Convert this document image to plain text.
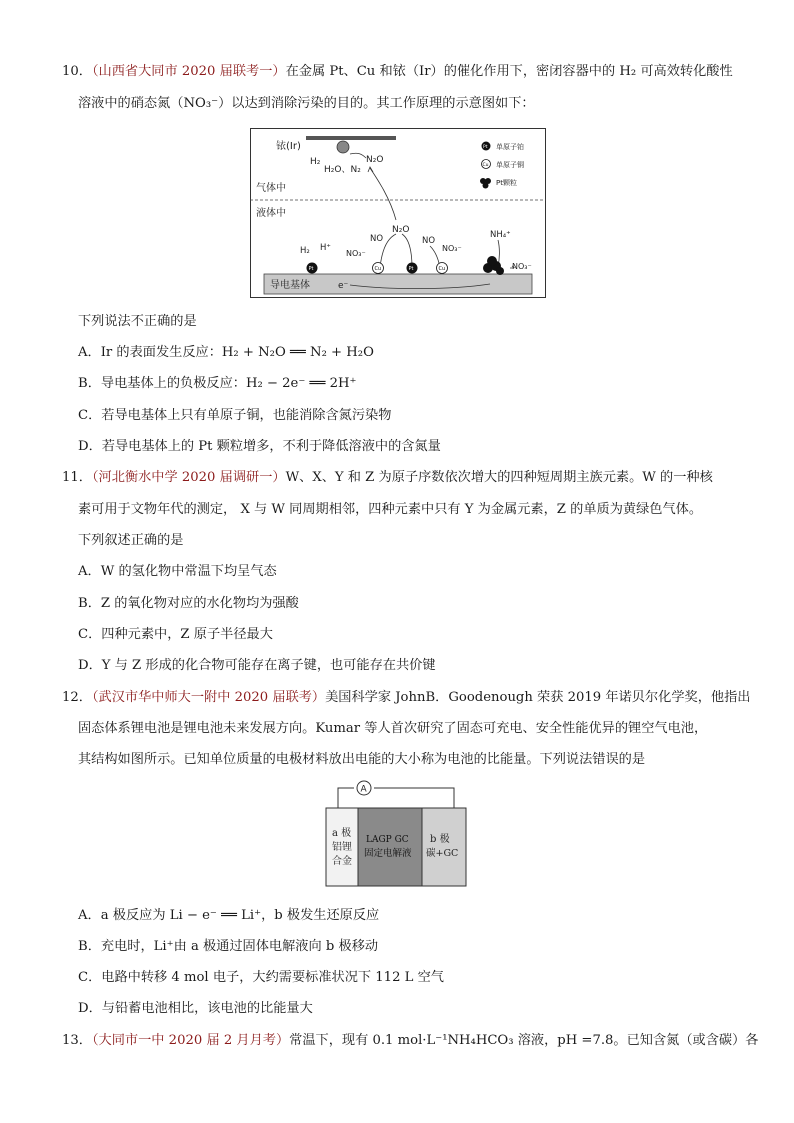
10．（山西省大同市 2020 届联考一）在金属 Pt、Cu 和铱（Ir）的催化作用下，密闭容器中的 H₂ 可高效转化酸性
溶液中的硝态氮（NO₃⁻）以达到消除污染的目的。其工作原理的示意图如下：
铱(Ir)
H₂
H₂O、N₂
N₂O
Pt 单原子铂
Cu 单原子铜
Pt颗粒
气体中
液体中
H₂ H⁺
NO₃⁻
NO
N₂O
NO
NO₃⁻
NH₄⁺
NO₃⁻
导电基体	e⁻
Pt	Cu	Pt	Cu
下列说法不正确的是
A．Ir 的表面发生反应：H₂ + N₂O ══ N₂ + H₂O
B．导电基体上的负极反应：H₂ − 2e⁻ ══ 2H⁺
C．若导电基体上只有单原子铜，也能消除含氮污染物
D．若导电基体上的 Pt 颗粒增多，不利于降低溶液中的含氮量
11．（河北衡水中学 2020 届调研一）W、X、Y 和 Z 为原子序数依次增大的四种短周期主族元素。W 的一种核
素可用于文物年代的测定， X 与 W 同周期相邻，四种元素中只有 Y 为金属元素，Z 的单质为黄绿色气体。
下列叙述正确的是
A．W 的氢化物中常温下均呈气态
B．Z 的氧化物对应的水化物均为强酸
C．四种元素中，Z 原子半径最大
D．Y 与 Z 形成的化合物可能存在离子键，也可能存在共价键
12．（武汉市华中师大一附中 2020 届联考）美国科学家 JohnB．Goodenough 荣获 2019 年诺贝尔化学奖，他指出
固态体系锂电池是锂电池未来发展方向。Kumar 等人首次研究了固态可充电、安全性能优异的锂空气电池，
其结构如图所示。已知单位质量的电极材料放出电能的大小称为电池的比能量。下列说法错误的是
A
a 极
铝锂
合金
LAGP GC
固定电解液
b 极
碳+GC
A．a 极反应为 Li − e⁻ ══ Li⁺，b 极发生还原反应
B．充电时，Li⁺由 a 极通过固体电解液向 b 极移动
C．电路中转移 4 mol 电子，大约需要标准状况下 112 L 空气
D．与铅蓄电池相比，该电池的比能量大
13．（大同市一中 2020 届 2 月月考）常温下，现有 0.1 mol·L⁻¹NH₄HCO₃ 溶液，pH =7.8。已知含氮（或含碳）各
